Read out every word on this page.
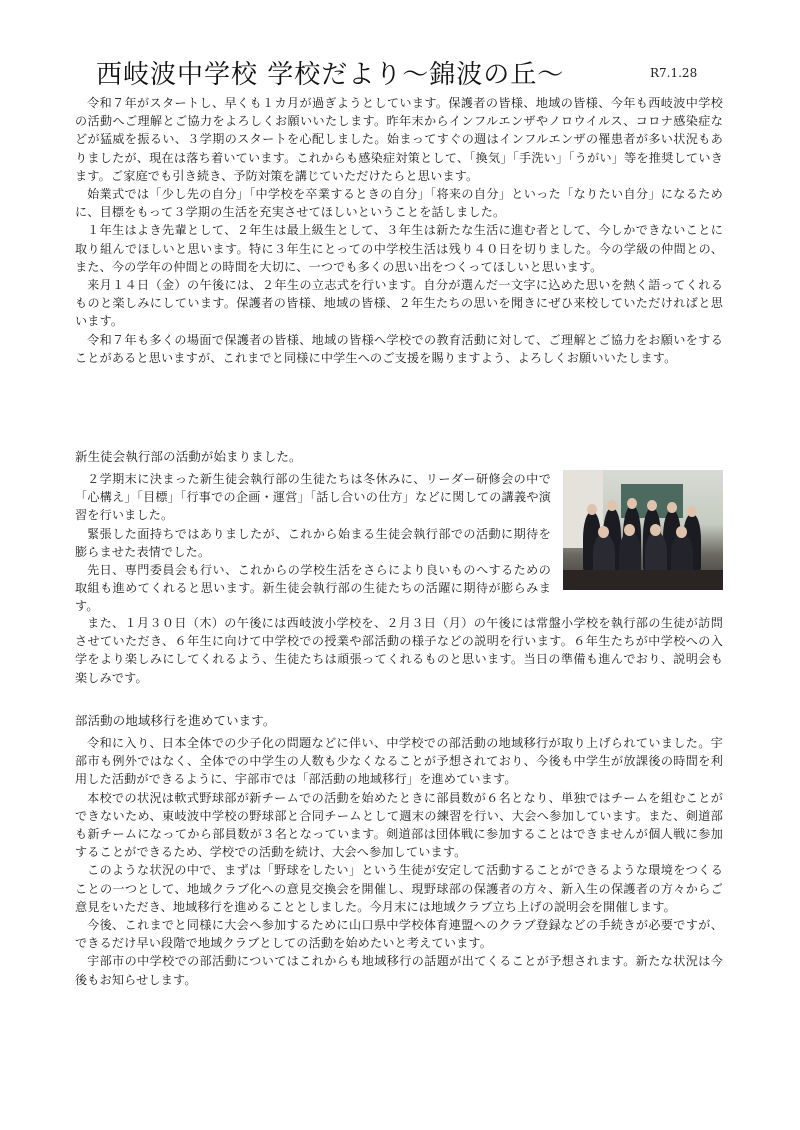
西岐波中学校 学校だより〜錦波の丘〜	R7.1.28

令和７年がスタートし、早くも１カ月が過ぎようとしています。保護者の皆様、地域の皆様、今年も西岐波中学校の活動へご理解とご協力をよろしくお願いいたします。昨年末からインフルエンザやノロウイルス、コロナ感染症などが猛威を振るい、３学期のスタートを心配しました。始まってすぐの週はインフルエンザの罹患者が多い状況もありましたが、現在は落ち着いています。これからも感染症対策として、「換気」「手洗い」「うがい」等を推奨していきます。ご家庭でも引き続き、予防対策を講じていただけたらと思います。

始業式では「少し先の自分」「中学校を卒業するときの自分」「将来の自分」といった「なりたい自分」になるために、目標をもって３学期の生活を充実させてほしいということを話しました。

１年生はよき先輩として、２年生は最上級生として、３年生は新たな生活に進む者として、今しかできないことに取り組んでほしいと思います。特に３年生にとっての中学校生活は残り４０日を切りました。今の学級の仲間との、また、今の学年の仲間との時間を大切に、一つでも多くの思い出をつくってほしいと思います。

来月１４日（金）の午後には、２年生の立志式を行います。自分が選んだ一文字に込めた思いを熱く語ってくれるものと楽しみにしています。保護者の皆様、地域の皆様、２年生たちの思いを聞きにぜひ来校していただければと思います。

令和７年も多くの場面で保護者の皆様、地域の皆様へ学校での教育活動に対して、ご理解とご協力をお願いをすることがあると思いますが、これまでと同様に中学生へのご支援を賜りますよう、よろしくお願いいたします。

新生徒会執行部の活動が始まりました。

２学期末に決まった新生徒会執行部の生徒たちは冬休みに、リーダー研修会の中で「心構え」「目標」「行事での企画・運営」「話し合いの仕方」などに関しての講義や演習を行いました。

緊張した面持ちではありましたが、これから始まる生徒会執行部での活動に期待を膨らませた表情でした。

先日、専門委員会も行い、これからの学校生活をさらにより良いものへするための取組も進めてくれると思います。新生徒会執行部の生徒たちの活躍に期待が膨らみます。

また、１月３０日（木）の午後には西岐波小学校を、２月３日（月）の午後には常盤小学校を執行部の生徒が訪問させていただき、６年生に向けて中学校での授業や部活動の様子などの説明を行います。６年生たちが中学校への入学をより楽しみにしてくれるよう、生徒たちは頑張ってくれるものと思います。当日の準備も進んでおり、説明会も楽しみです。

部活動の地域移行を進めています。

令和に入り、日本全体での少子化の問題などに伴い、中学校での部活動の地域移行が取り上げられていました。宇部市も例外ではなく、全体での中学生の人数も少なくなることが予想されており、今後も中学生が放課後の時間を利用した活動ができるように、宇部市では「部活動の地域移行」を進めています。

本校での状況は軟式野球部が新チームでの活動を始めたときに部員数が６名となり、単独ではチームを組むことができないため、東岐波中学校の野球部と合同チームとして週末の練習を行い、大会へ参加しています。また、剣道部も新チームになってから部員数が３名となっています。剣道部は団体戦に参加することはできませんが個人戦に参加することができるため、学校での活動を続け、大会へ参加しています。

このような状況の中で、まずは「野球をしたい」という生徒が安定して活動することができるような環境をつくることの一つとして、地域クラブ化への意見交換会を開催し、現野球部の保護者の方々、新入生の保護者の方々からご意見をいただき、地域移行を進めることとしました。今月末には地域クラブ立ち上げの説明会を開催します。

今後、これまでと同様に大会へ参加するために山口県中学校体育連盟へのクラブ登録などの手続きが必要ですが、できるだけ早い段階で地域クラブとしての活動を始めたいと考えています。

宇部市の中学校での部活動についてはこれからも地域移行の話題が出てくることが予想されます。新たな状況は今後もお知らせします。
